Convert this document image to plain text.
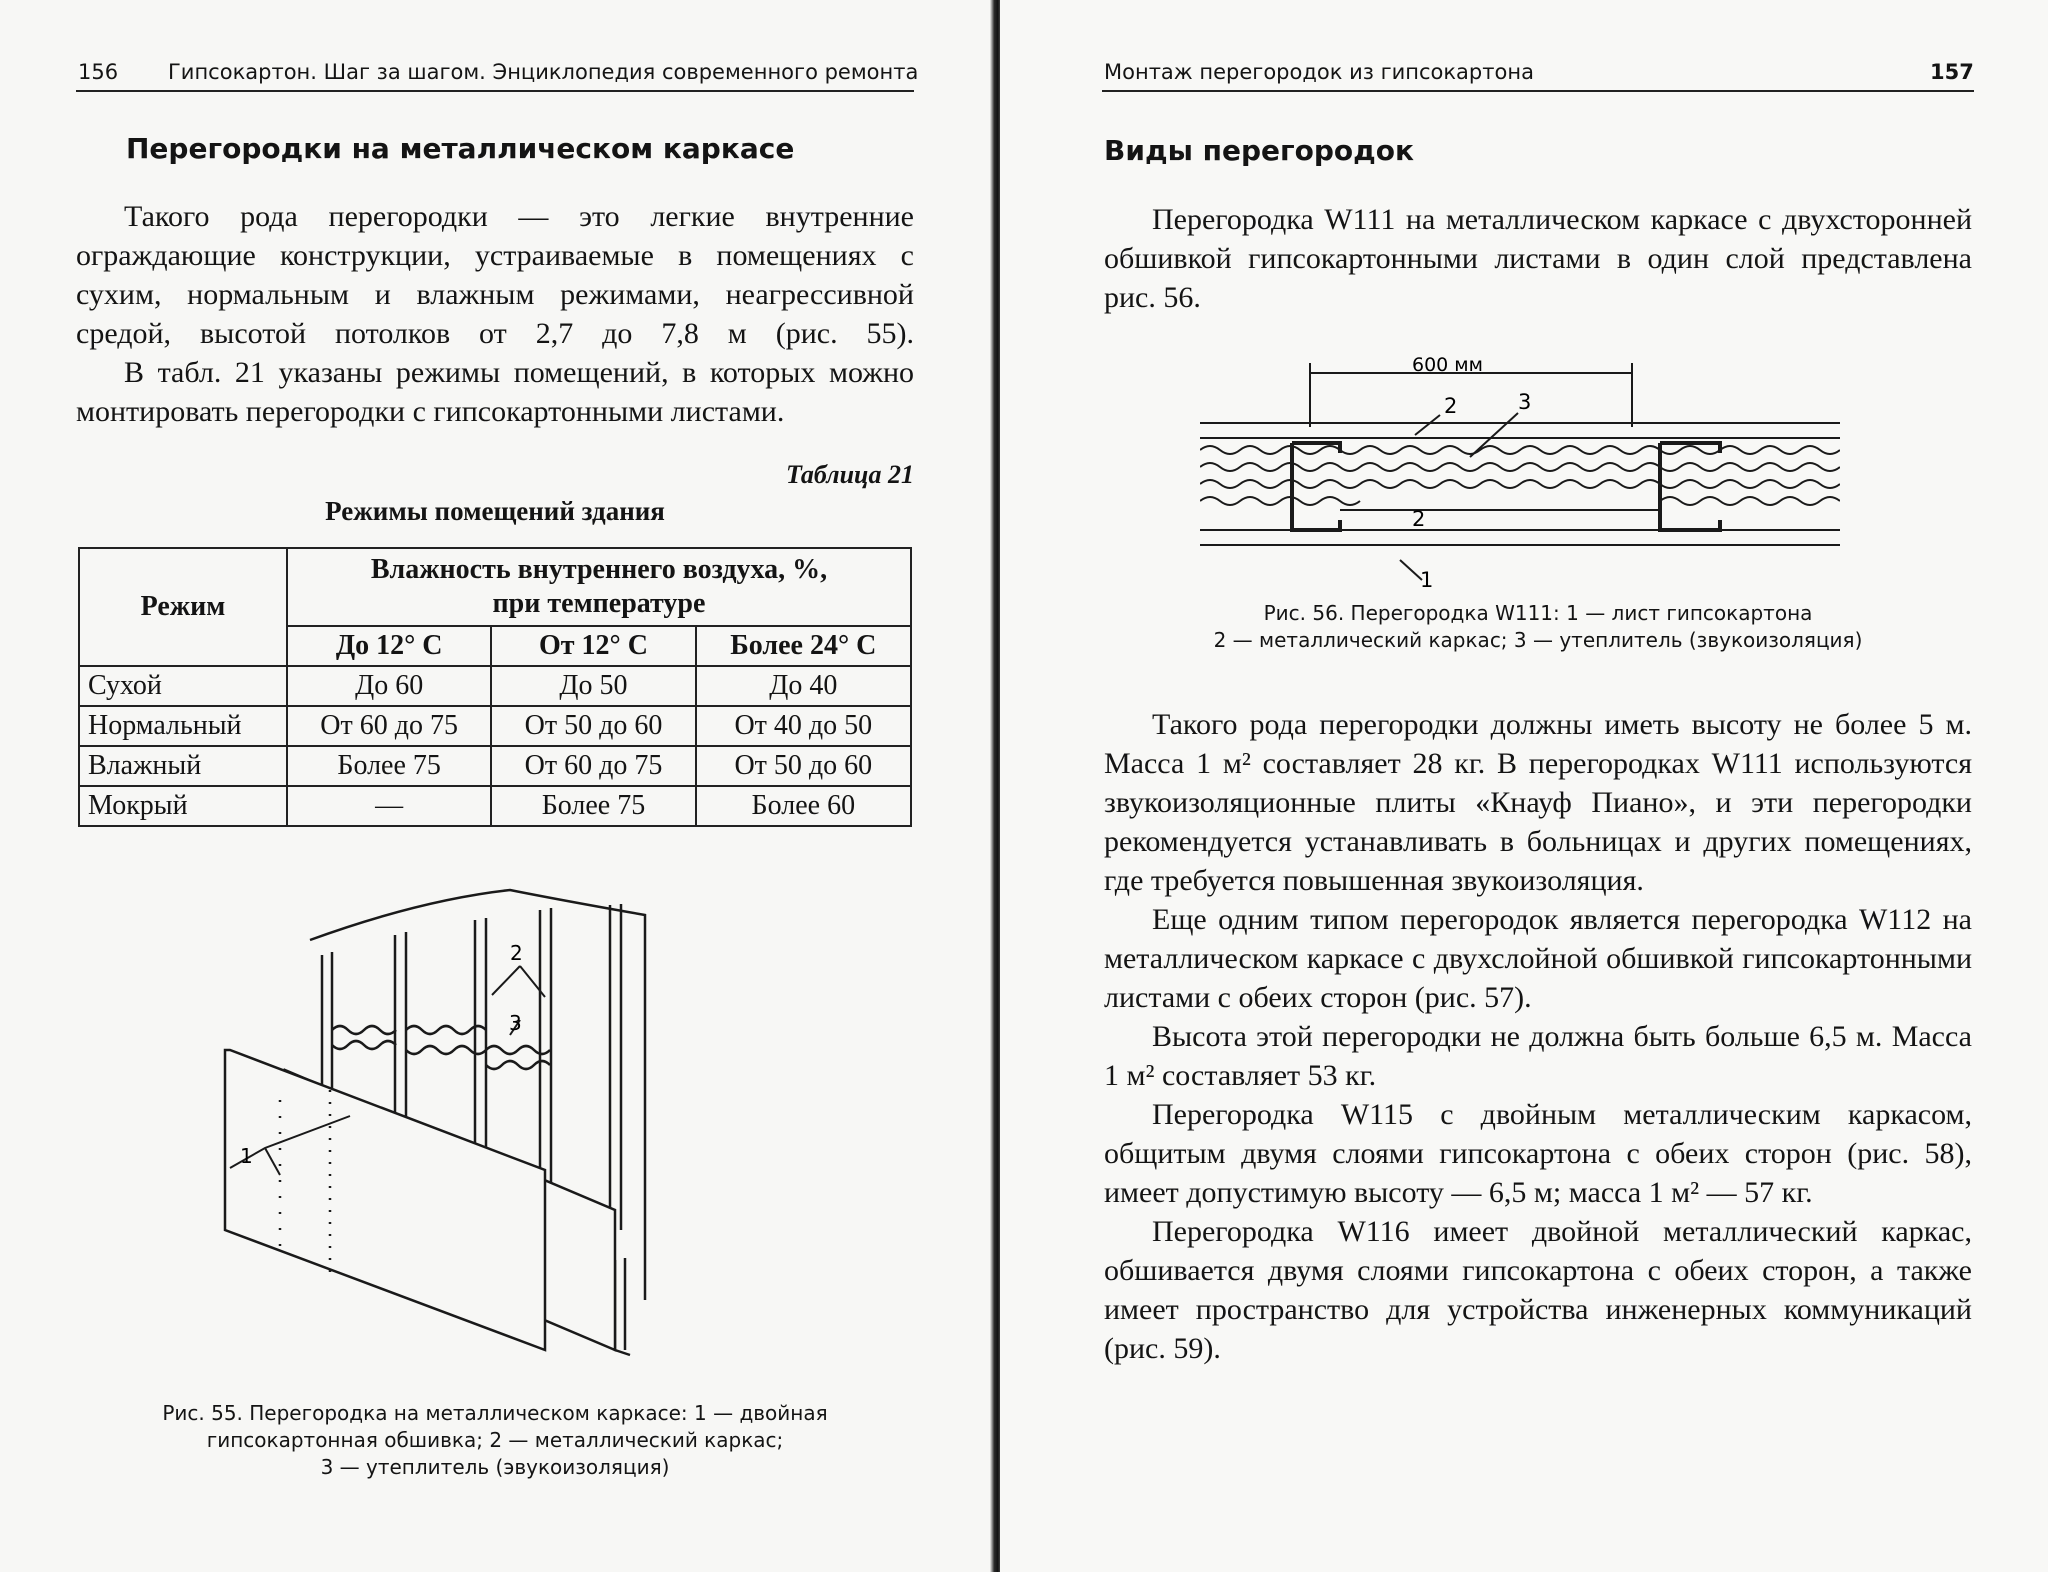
156 Гипсокартон. Шаг за шагом. Энциклопедия современного ремонта
Перегородки на металлическом каркасе

Такого рода перегородки — это легкие внутренние ограждающие конструкции, устраиваемые в помещениях с сухим, нормальным и влажным режимами, неагрессивной средой, высотой потолков от 2,7 до 7,8 м (рис. 55).

В табл. 21 указаны режимы помещений, в которых можно монтировать перегородки с гипсокартонными листами.

Таблица 21
Режимы помещений здания
Режим	Влажность внутреннего воздуха, %,
при температуре		
	До 12° С	От 12° С	Более 24° С
Сухой	До 60	До 50	До 40
Нормальный	От 60 до 75	От 50 до 60	От 40 до 50
Влажный	Более 75	От 60 до 75	От 50 до 60
Мокрый	—	Более 75	Более 60
1
2
3
Рис. 55. Перегородка на металлическом каркасе: 1 — двойная
гипсокартонная обшивка; 2 — металлический каркас;
3 — утеплитель (эвукоизоляция)
Монтаж перегородок из гипсокартона	157
Виды перегородок

Перегородка W111 на металлическом каркасе с двухсторонней обшивкой гипсокартонными листами в один слой представлена рис. 56.

600 мм
2	3
2
1
Рис. 56. Перегородка W111: 1 — лист гипсокартона
2 — металлический каркас; 3 — утеплитель (звукоизоляция)

Такого рода перегородки должны иметь высоту не более 5 м. Масса 1 м² составляет 28 кг. В перегородках W111 используются звукоизоляционные плиты «Кнауф Пиано», и эти перегородки рекомендуется устанавливать в больницах и других помещениях, где требуется повышенная звукоизоляция.

Еще одним типом перегородок является перегородка W112 на металлическом каркасе с двухслойной обшивкой гипсокартонными листами с обеих сторон (рис. 57).

Высота этой перегородки не должна быть больше 6,5 м. Масса 1 м² составляет 53 кг.

Перегородка W115 с двойным металлическим каркасом, общитым двумя слоями гипсокартона с обеих сторон (рис. 58), имеет допустимую высоту — 6,5 м; масса 1 м² — 57 кг.

Перегородка W116 имеет двойной металлический каркас, обшивается двумя слоями гипсокартона с обеих сторон, а также имеет пространство для устройства инженерных коммуникаций (рис. 59).
